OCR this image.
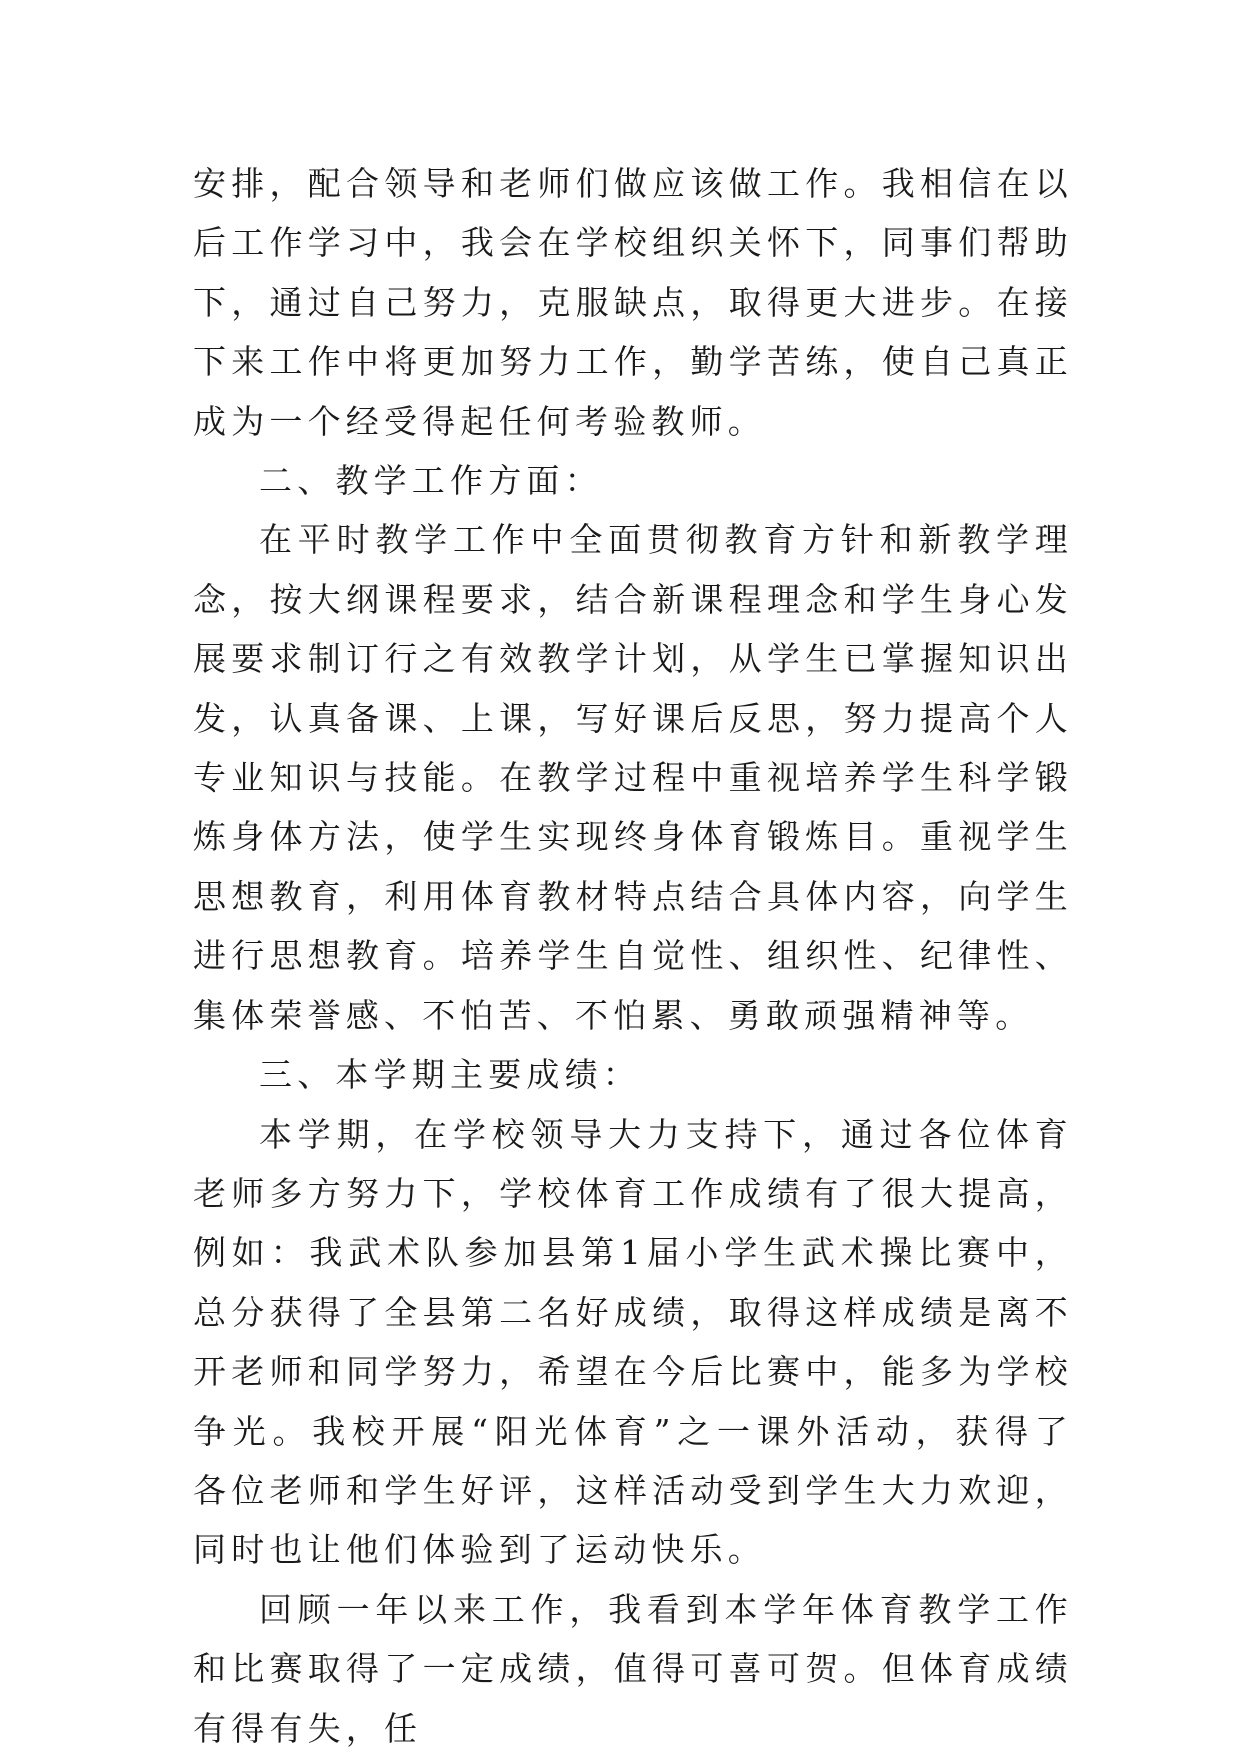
安排，配合领导和老师们做应该做工作。我相信在以后工作学习中，我会在学校组织关怀下，同事们帮助下，通过自己努力，克服缺点，取得更大进步。在接下来工作中将更加努力工作，勤学苦练，使自己真正成为一个经受得起任何考验教师。

二、教学工作方面：

在平时教学工作中全面贯彻教育方针和新教学理念，按大纲课程要求，结合新课程理念和学生身心发展要求制订行之有效教学计划，从学生已掌握知识出发，认真备课、上课，写好课后反思，努力提高个人专业知识与技能。在教学过程中重视培养学生科学锻炼身体方法，使学生实现终身体育锻炼目。重视学生思想教育，利用体育教材特点结合具体内容，向学生进行思想教育。培养学生自觉性、组织性、纪律性、集体荣誉感、不怕苦、不怕累、勇敢顽强精神等。

三、本学期主要成绩：

本学期，在学校领导大力支持下，通过各位体育老师多方努力下，学校体育工作成绩有了很大提高，例如：我武术队参加县第1届小学生武术操比赛中，总分获得了全县第二名好成绩，取得这样成绩是离不开老师和同学努力，希望在今后比赛中，能多为学校争光。我校开展“阳光体育”之一课外活动，获得了各位老师和学生好评，这样活动受到学生大力欢迎，同时也让他们体验到了运动快乐。

回顾一年以来工作，我看到本学年体育教学工作和比赛取得了一定成绩，值得可喜可贺。但体育成绩有得有失，任
